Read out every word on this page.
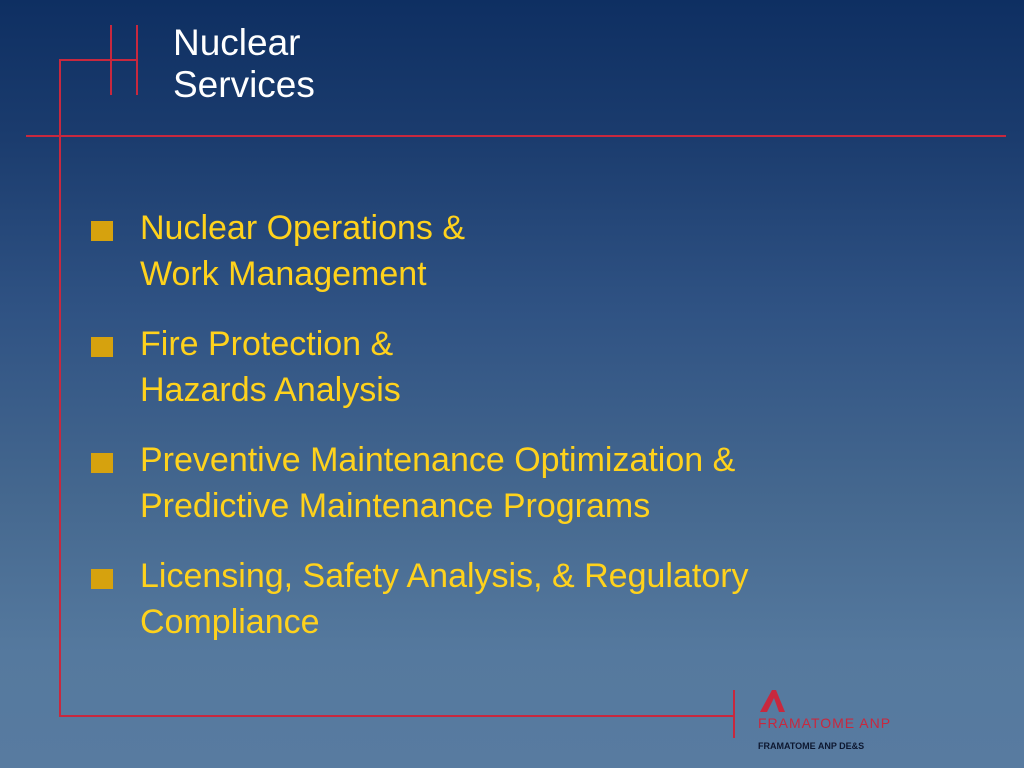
Nuclear
Services
Nuclear Operations &
Work Management
Fire Protection &
Hazards Analysis
Preventive Maintenance Optimization &
Predictive Maintenance Programs
Licensing, Safety Analysis, & Regulatory
Compliance
FRAMATOME ANP
FRAMATOME ANP DE&S
